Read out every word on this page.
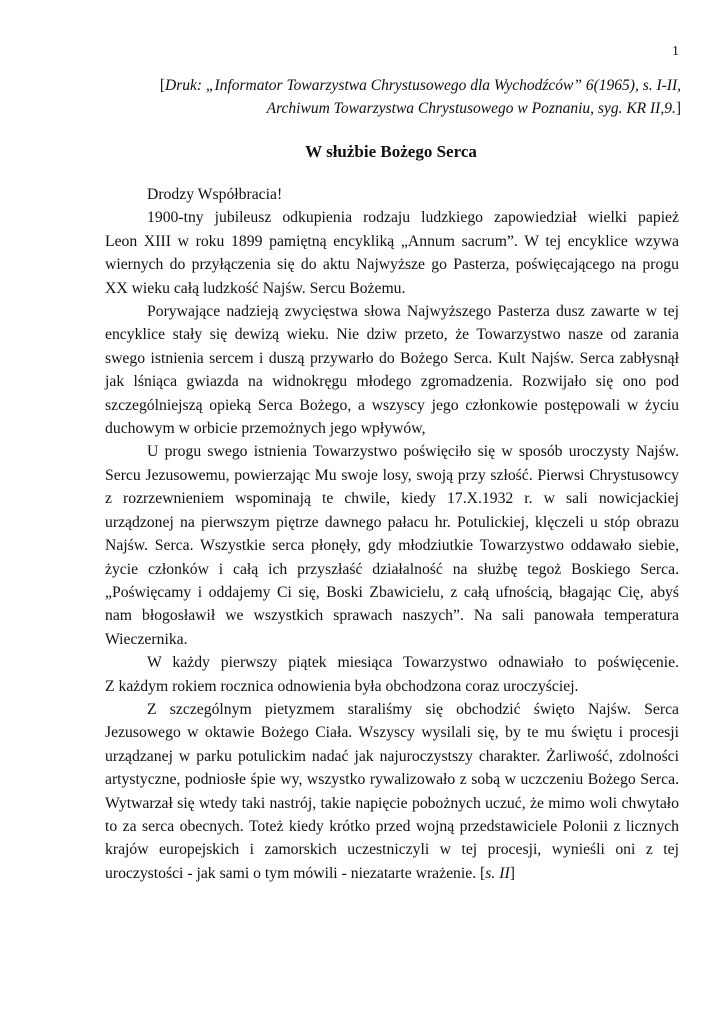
1
[Druk: „Informator Towarzystwa Chrystusowego dla Wychodźców” 6(1965), s. I-II,
Archiwum Towarzystwa Chrystusowego w Poznaniu, syg. KR II,9.]
W służbie Bożego Serca
Drodzy Współbracia!
1900-tny jubileusz odkupienia rodzaju ludzkiego zapowiedział wielki papież
Leon XIII w roku 1899 pamiętną encykliką „Annum sacrum”. W tej encyklice wzywa
wiernych do przyłączenia się do aktu Najwyższe go Pasterza, poświęcającego na progu
XX wieku całą ludzkość Najśw. Sercu Bożemu.
Porywające nadzieją zwycięstwa słowa Najwyższego Pasterza dusz zawarte w tej
encyklice stały się dewizą wieku. Nie dziw przeto, że Towarzystwo nasze od zarania
swego istnienia sercem i duszą przywarło do Bożego Serca. Kult Najśw. Serca zabłysnął
jak lśniąca gwiazda na widnokręgu młodego zgromadzenia. Rozwijało się ono pod
szczególniejszą opieką Serca Bożego, a wszyscy jego członkowie postępowali w życiu
duchowym w orbicie przemożnych jego wpływów,
U progu swego istnienia Towarzystwo poświęciło się w sposób uroczysty Najśw.
Sercu Jezusowemu, powierzając Mu swoje losy, swoją przy szłość. Pierwsi Chrystusowcy
z rozrzewnieniem wspominają te chwile, kiedy 17.X.1932 r. w sali nowicjackiej
urządzonej na pierwszym piętrze dawnego pałacu hr. Potulickiej, klęczeli u stóp obrazu
Najśw. Serca. Wszystkie serca płonęły, gdy młodziutkie Towarzystwo oddawało siebie,
życie członków i całą ich przyszłaść działalność na służbę tegoż Boskiego Serca.
„Poświęcamy i oddajemy Ci się, Boski Zbawicielu, z całą ufnością, błagając Cię, abyś
nam błogosławił we wszystkich sprawach naszych”. Na sali panowała temperatura
Wieczernika.
W każdy pierwszy piątek miesiąca Towarzystwo odnawiało to poświęcenie.
Z każdym rokiem rocznica odnowienia była obchodzona coraz uroczyściej.
Z szczególnym pietyzmem staraliśmy się obchodzić święto Najśw. Serca
Jezusowego w oktawie Bożego Ciała. Wszyscy wysilali się, by te mu świętu i procesji
urządzanej w parku potulickim nadać jak najuroczystszy charakter. Żarliwość, zdolności
artystyczne, podniosłe śpie wy, wszystko rywalizowało z sobą w uczczeniu Bożego Serca.
Wytwarzał się wtedy taki nastrój, takie napięcie pobożnych uczuć, że mimo woli chwytało
to za serca obecnych. Toteż kiedy krótko przed wojną przedstawiciele Polonii z licznych
krajów europejskich i zamorskich uczestniczyli w tej procesji, wynieśli oni z tej
uroczystości - jak sami o tym mówili - niezatarte wrażenie. [s. II]
